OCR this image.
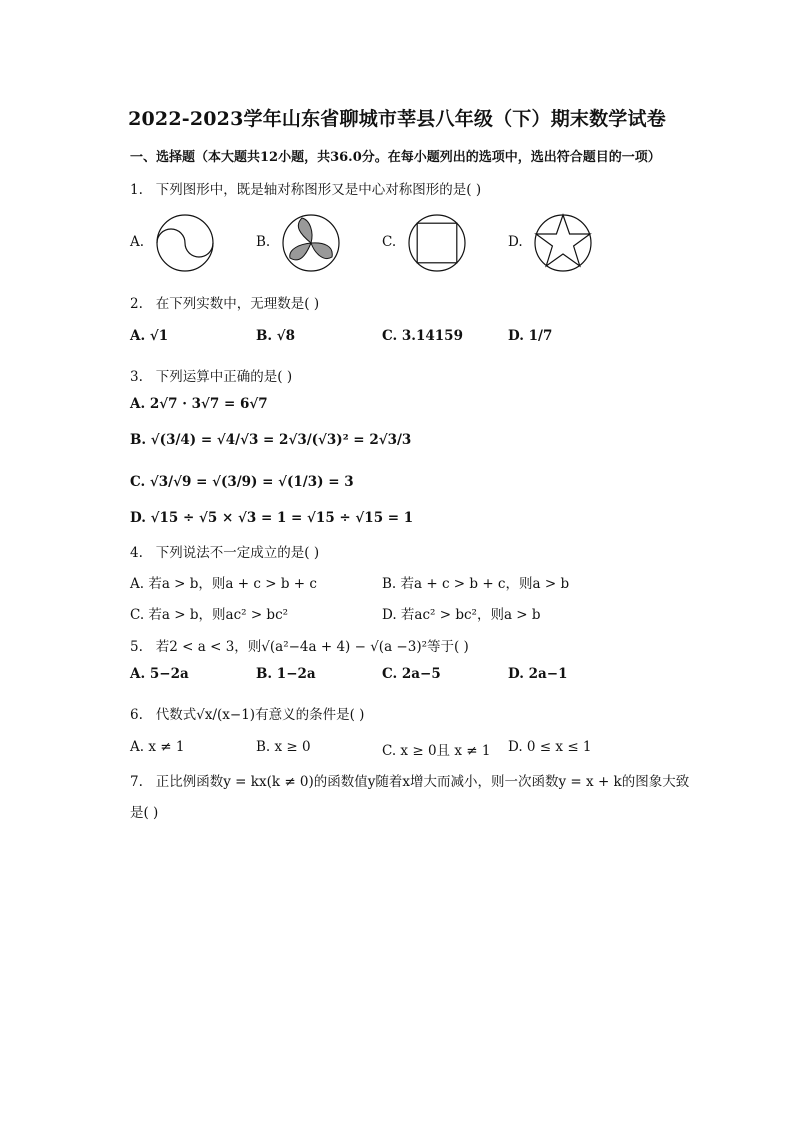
2022-2023学年山东省聊城市莘县八年级（下）期末数学试卷
一、选择题（本大题共12小题，共36.0分。在每小题列出的选项中，选出符合题目的一项）
1. 下列图形中，既是轴对称图形又是中心对称图形的是( )
A.	B.	C.	D.
2. 在下列实数中，无理数是( )
A. √1	B. √8	C. 3.14159	D. 1/7
3. 下列运算中正确的是( )
A. 2√7 · 3√7 = 6√7
B. √(3/4) = √4/√3 = 2√3/(√3)² = 2√3/3
C. √3/√9 = √(3/9) = √(1/3) = 3
D. √15 ÷ √5 × √3 = 1 = √15 ÷ √15 = 1
4. 下列说法不一定成立的是( )
A. 若a > b，则a + c > b + c	B. 若a + c > b + c，则a > b
C. 若a > b，则ac² > bc²	D. 若ac² > bc²，则a > b
5. 若2 < a < 3，则√(a²−4a + 4) − √(a −3)²等于( )
A. 5−2a	B. 1−2a	C. 2a−5	D. 2a−1
6. 代数式√x/(x−1)有意义的条件是( )
A. x ≠ 1	B. x ≥ 0	C. x ≥ 0且 x ≠ 1 D. 0 ≤ x ≤ 1
7. 正比例函数y = kx(k ≠ 0)的函数值y随着x增大而减小，则一次函数y = x + k的图象大致
是( )
